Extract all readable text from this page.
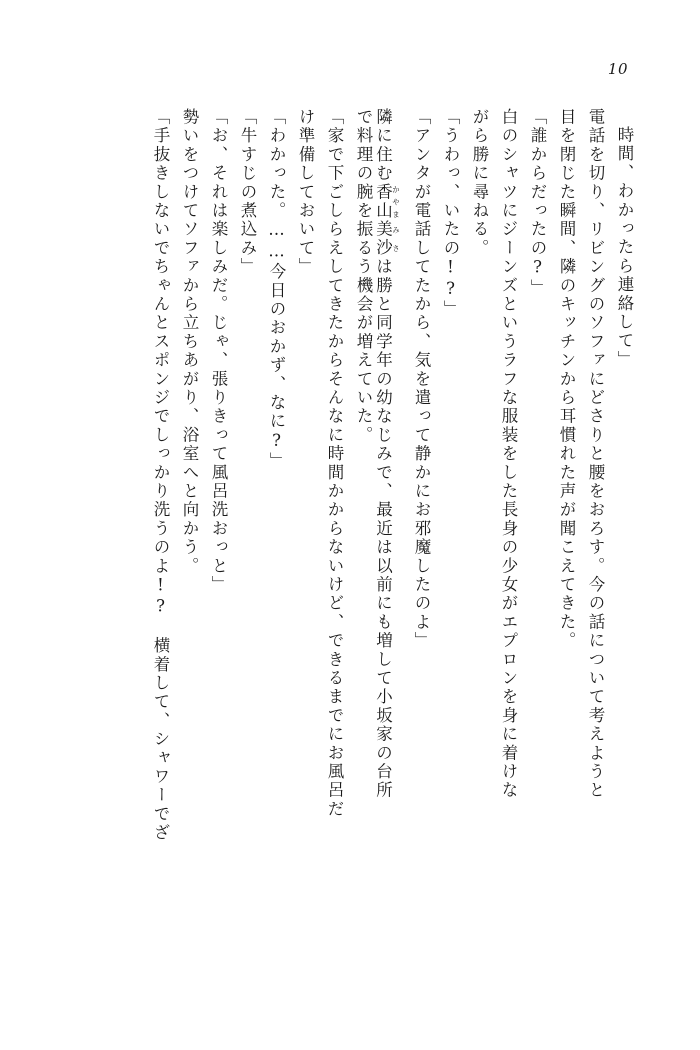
10
時間、わかったら連絡して」
電話を切り、リビングのソファにどさりと腰をおろす。今の話について考えようと
目を閉じた瞬間、隣のキッチンから耳慣れた声が聞こえてきた。
「誰からだったの?」
白のシャツにジーンズというラフな服装をした長身の少女がエプロンを身に着けな
がら勝に尋ねる。
「うわっ、いたの!?」
「アンタが電話してたから、気を遣って静かにお邪魔したのよ」
隣に住む香山 かやま美沙 みさは勝と同学年の幼なじみで、最近は以前にも増して小坂家の台所
で料理の腕を振るう機会が増えていた。
「家で下ごしらえしてきたからそんなに時間かからないけど、できるまでにお風呂だ
け準備しておいて」
「わかった。……今日のおかず、なに?」
「牛すじの煮込み」
「お、それは楽しみだ。じゃ、張りきって風呂洗おっと」
勢いをつけてソファから立ちあがり、浴室へと向かう。
「手抜きしないでちゃんとスポンジでしっかり洗うのよ!?　横着して、シャワーでざ
